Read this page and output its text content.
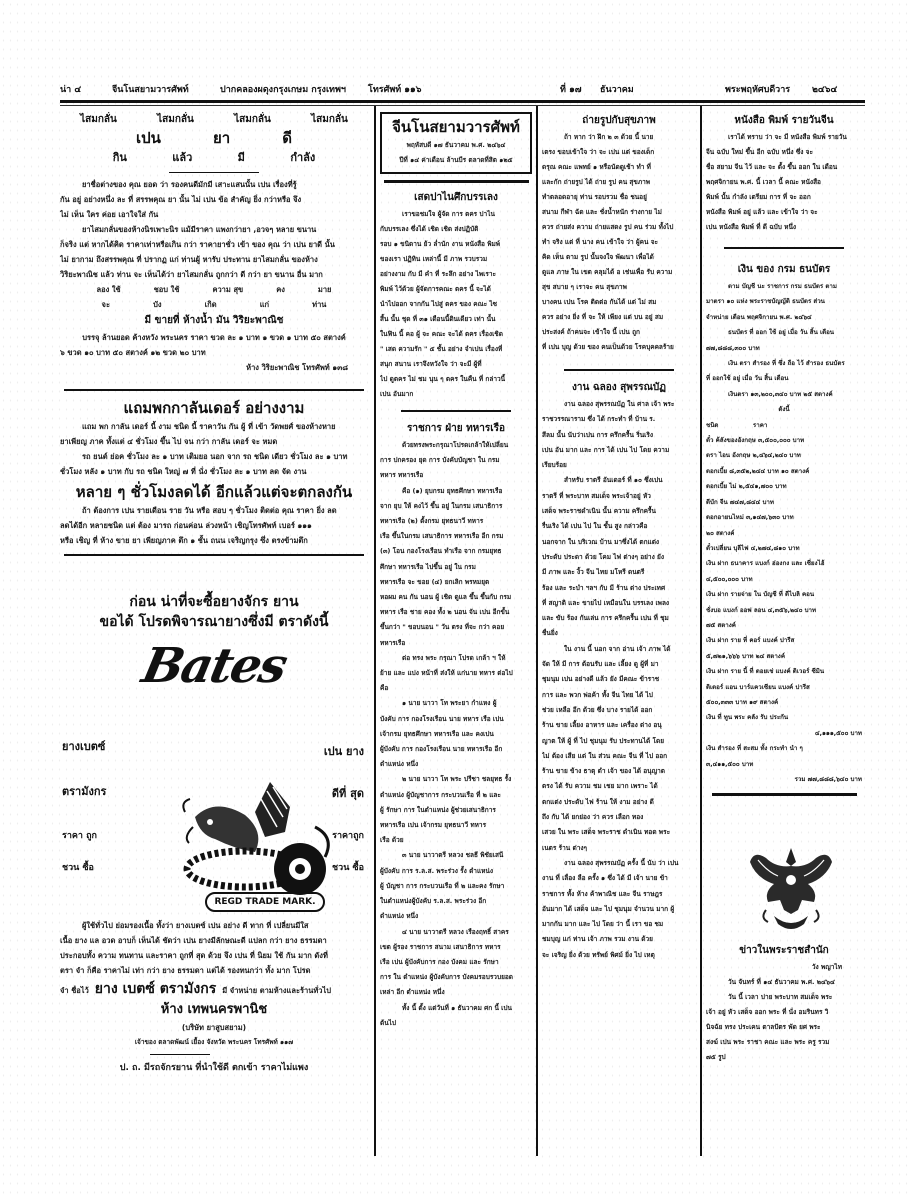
น่า ๔	จีนโนสยามวารศัพท์	ปากคลองผดุงกรุงเกษม กรุงเทพฯ โทรศัพท์ ๑๑๖	ที่ ๑๗ ธันวาคม	พระพฤหัศบดีวาร ๒๔๖๔
ไสมกลั่น	ไสมกลั่น	ไสมกลั่น	ไสมกลั่น
เปน	ยา	ดี
กิน	แล้ว	มี	กำลัง
ยาชื่อต่างของ คุณ ยอด ว่า รองคนดีมักมี เสาะแสนนั้น เปน เรื่องที่รู้
กัน อยู่ อย่างหนึ่ง ละ ที่ สรรพคุณ ยา นั้น ไม่ เปน ข้อ สำคัญ ยิ่ง กว่าหรือ จึง
ไม่ เห็น ใคร ค่อย เอาใจใส่ กัน
ยาไสมกลั่นของห้างนิรเพาะนิร แม้มีราคา แพงกว่ายา ,อวจๆ หลาย ขนาน
ก็จริง แต่ หากได้คิด ราคาเท่าหรือเกิน กว่า ราคายาชั่ว เข้า ของ คุณ ว่า เปน ยาดี นั้น
ไม่ ยากาม ถึงสรรพคุณ ที่ ปรากฏ แก่ ท่านผู้ หารับ ประทาน ยาไสมกลั่น ของห้าง
วิริยะพาณิช แล้ว ท่าน จะ เห็นได้ว่า ยาไสมกลั่น ถูกกว่า ดี กว่า ยา ขนาน อื่น มาก
ลอง ใช้	ชอบ ใช้	ความ สุข	คง	มาย
จะ	บัง	เกิด	แก่	ท่าน
มี ขายที่ ห้างน้ำ มัน วิริยะพาณิช
บรรจุ ล้านยอด ค้างหวัง พระนคร ราคา ขวด ละ ๑ บาท ๑ ขวด ๑ บาท ๕๐ สตางค์
๖ ขวด ๑๐ บาท ๕๐ สตางค์ ๑๒ ขวด ๒๐ บาท
ห้าง วิริยะพาณิช โทรศัพท์ ๑๓๘
แถมพกกาลันเดอร์ อย่างงาม
แถม พก กาลัน เดอร์ นี้ งาม ชนิด นี้ ราคาวัน กัน ผู้ ที่ เข้า วัดพยศ์ ของห้างหาย
ยาเพียญ ภาค ทั้งแต่ ๔ ชั่วโมง ขึ้น ไป จน กว่า กาลัน เดอร์ จะ หมด
รถ ยนต์ ย่อค ชั่วโมง ละ ๑ บาท เติมยอ นอก จาก รถ ชนิด เดียว ชั่วโมง ละ ๑ บาท
ชั่วโมง หลัง ๑ บาท กับ รถ ชนิด ใหญ่ ๗ ที่ นั่ง ชั่วโมง ละ ๑ บาท ลด จัด งาน
หลาย ๆ ชั่วโมงลดได้ อีกแล้วแต่จะตกลงกัน
ถ้า ต้องการ เปน รายเดือน ราย วัน หรือ สอบ ๆ ชั่วโมง ติดต่อ คุณ ราคา ยิ่ง ลด
ลดได้อีก หลายชนิด แต่ ต้อง มารถ ก่อนค่อน ล่วงหน้า เชิญโทรศัพท์ เบอร์ ๑๑๑
หรือ เชิญ ที่ ห้าง ขาย ยา เพียญภาค ตึก ๑ ชั้น ถนน เจริญกรุง ซึ่ง ตรงข้ามตึก
ก่อน น่าที่จะซื้อยางจักร ยาน
ขอได้ โปรดพิจารณายางซึ่งมี ตราดังนี้
Bates
ยางเบตซ์
ตรามังกร
ราคา ถูก
ชวน ซื้อ
เปน ยาง
ดีที่ สุด
ราคาถูก
ชวน ซื้อ
REGD TRADE MARK.
ผู้ใช้ทั่วไป ย่อมรองเนื้อ ทั้งว่า ยางเบตซ์ เปน อย่าง ดี ทาก ที่ เปลี่ยนมีใส
เนื้อ ยาง แล อวด อาบก็ เห็นได้ ชัดว่า เปน ยางมีลักษณะดี แปลก กว่า ยาง ธรรมดา
ประกอบทั้ง ความ ทนทาน และราคา ถูกที่ สุด ด้วย จึง เปน ที่ นิยม ใช้ กัน มาก ดังที่
ตรา จำ ก็คือ ราคาไม่ เท่า กว่า ยาง ธรรมดา แต่ได้ รองทนกว่า ทั้ง มาก โปรด
จำ ชื่อไว้ ยาง เบตซ์ ตรามังกร มี จำหน่าย ตามห้างและร้านทั่วไป
ห้าง เทพนครพานิช
(บริษัท ยาสูบสยาม)
เจ้าของ ตลาดพัฒน์ เยื้อง จังหวัด พระนคร โทรศัพท์ ๑๑๗
ป. ถ. มีรถจักรยาน ที่นำใช้ดี ตกเข้า ราคาไม่แพง
จีนโนสยามวารศัพท์
พฤหัสบดี ๑๗ ธันวาคม พ.ศ. ๒๔๖๔
ปีที่ ๑๔ ค่าเดือน ล้านบีร ตลาดที่สิต ๑๒๕
เสดปาไนศึกบรรเลง
เราขอชมใจ ผู้จัด การ ตคร ปาไน
กับบรรเลง ซึ่งได้ เชิด เชิด ส่งปฏิบัติ
รอบ ๑ ขนิดาน ย้ว ล่ำนัก งาน หนังสือ พิมพ์
ของเรา ปฏิทิน เหล่านี้ มี ภาพ รวบรวม
อย่างงาม กับ มี คำ ที่ ระลึก อย่าง ไพเราะ
พิมพ์ ไว้ด้วย ผู้จัดการคณะ ตคร นี้ จะได้
นำไปออก จากกัน ไปสู่ ตคร ของ คณะ ไซ
สิ้น นั้น ชุด ที่ ๓๑ เดือนนี้ดินเดียว เท่า นั้น
ในฟิน นี้ คอ ผู้ จะ คณะ จะได้ ตคร เรื่องเชิด
" เสด ความรัก " ๕ ชั้น อย่าง จำเปน เรื่องที่
สนุก สนาน เราจึงหวังใจ ว่า จะมี ผู้ที่
ไป ดูตคร ไม่ ชม นุน ๆ ตคร ในคืน ที่ กล่าวนี้
เปน อันมาก
ราชการ ฝ่าย ทหารเรือ
ด้วยทรงพระกรุณาโปรดเกล้าให้เปลี่ยน
การ ปกครอง ยุด การ บังคับบัญชา ใน กรม
ทหาร ทหารเรือ
คือ (๑) ยุบกรม ยุทธศึกษา ทหารเรือ
จาก ยุบ ให้ คงไว้ ขึ้น อยู่ ในกรม เสนาธิการ
ทหารเรือ (๒) ตั้งกรม ยุทธนาวี ทหาร
เรือ ขึ้นในกรม เสนาธิการ ทหารเรือ อีก กรม
(๓) โอน กองโรงเรือน ทำเรือ จาก กรมยุทธ
ศึกษา ทหารเรือ ไปขึ้น อยู่ ใน กรม
ทหารเรือ จะ ขอย (๔) ยกเลิก พรหมยุต
หอผม คน กัน นอน ผู้ เชิด ดูแล ขึ้น ขึ้นกับ กรม
ทหาร เรือ ชาย คอง ทั้ง ๒ นอน จัน เปน อีกขั้น
ขึ้นกว่า " ขอบนอน " วัน ตรง ที่จะ กว่า คอย
ทหารเรือ
ต่อ ทรง พระ กรุณา โปรด เกล้า ฯ ให้
ย้าย และ แบ่ง หน้าที่ ส่งให้ แก่นาย ทหาร ต่อไป
คือ
๑ นาย นาวา โท พระยา กำแหง ผู้
บังคับ การ กองโรงเรือน นาย ทหาร เรือ เปน
เจ้ากรม ยุทธศึกษา ทหารเรือ และ คงเปน
ผู้บังคับ การ กองโรงเรือน นาย ทหารเรือ อีก
ตำแหน่ง หนึ่ง
๒ นาย นาวา โท พระ ปรีชา ชลยุทธ รั้ง
ตำแหน่ง ผู้บัญชาการ กระบวนเรือ ที่ ๒ และ
ผู้ รักษา การ ในตำแหน่ง ผู้ช่วยเสนาธิการ
ทหารเรือ เปน เจ้ากรม ยุทธนาวี ทหาร
เรือ ด้วย
๓ นาย นาวาตรี หลวง ชลธี พิชัยเสนี
ผู้บังคับ การ ร.ล.ส. พระร่วง รั้ง ตำแหน่ง
ผู้ บัญชา การ กระบวนเรือ ที่ ๒ และคง รักษา
ในตำแหน่งผู้บังคับ ร.ล.ส. พระร่วง อีก
ตำแหน่ง หนึ่ง
๔ นาย นาวาตรี หลวง เรืองฤทธิ์ สาคร
เขต ผู้รอง ราชการ สนาม เสนาธิการ ทหาร
เรือ เปน ผู้บังคับการ กอง บังคม และ รักษา
การ ใน ตำแหน่ง ผู้บังคับการ บังคมรอบรวบยอด
เหล่า อีก ตำแหน่ง หนึ่ง
ทั้ง นี้ ตั้ง แต่วันที่ ๑ ธันวาคม ศก นี้ เปน
ต้นไป
ถ่ายรูปกับสุขภาพ
ถ้า หาก ว่า ฝึก ๒ ๓ ด้วย นี้ นาย
เตรง ขอบเข้าใจ ว่า จะ เปน แต่ ของเด็ก
ดรุณ คณะ แพทย์ ๑ หรือนัดดูเช้า ทำ ที่
และกัก ถ่ายรูป ได้ ถ่าย รูป คน สุขภาพ
ทำตลอดอายุ ท่าน รอบรวม ชื่อ ชนอยู่
สนาม กีฬา ฉัด และ ชั่งน้ำหนัก ร่างกาย ไม่
ควร ถ่ายส่ง ความ ถ่ายแสดง รูป คน ร่วม ทั้งไป
ทำ จริง แต่ ที่ นาง คน เข้าใจ ว่า ผู้คน จะ
คิด เห็น ตาม รูป นั้นจงใจ พัฒนา เพื่อได้
ดูแล ภาษ ใน เขต คลุมได้ อ เช่นเพื่อ รับ ความ
สุข สบาย ๆ เราจะ คน สุขภาพ
บางคน เปน โรค ติดต่อ กันได้ แต่ ไม่ สม
ควร อย่าง ยิ่ง ที่ จะ ให้ เพียง แต่ บน อยู่ สม
ประสงค์ ถ้าคนจะ เข้าใจ นี้ เปน ถูก
ที่ เปน บุญ ด้วย ของ คนเป็นด้วย โรคบุคคลร้าย
งาน ฉลอง สุพรรณบัฏ
งาน ฉลอง สุพรรณบัฏ ใน ศาล เจ้า พระ
ราชวรรณาราม ซึ่ง ได้ กระทำ ที่ บ้าน ร.
สีลม นั้น นับว่าเปน การ ครึกครื้น ริ่นเริง
เปน อัน มาก และ การ ได้ เปน ไป โดย ความ
เรียบร้อย
สำหรับ ราตรี อันเดอร์ ที่ ๑๐ ซึ่งเปน
ราตรี ที่ พระบาท สมเด็จ พระเจ้าอยู่ หัว
เสด็จ พระราชดำเนิน นั้น ความ ครึกครื้น
รื่นเริง ได้ เปน ไป ใน ชั้น สูง กล่าวคือ
นอกจาก ใน บริเวณ บ้าน มาซึ่งได้ ตกแต่ง
ประดับ ประดา ด้วย โคม ไฟ ต่างๆ อย่าง ยัง
มี ภาพ และ งิ้ว จีน ไทย มโหรี ดนตรี
ร้อง และ ระบำ ฯลฯ กับ มี ร้าน ต่าง ประเทศ
ที่ สญาติ และ ขายไป เหมือนใน บรรเลง เพลง
และ ขับ ร้อง กันเล่น การ ครึกครื้น เปน ที่ ชุม
ชื่นยิ่ง
ใน งาน นี้ นอก จาก อ่าน เจ้า ภาพ ได้
จัด ให้ มี การ ต้อนรับ และ เลี้ยง ดู ผู้ที่ มา
ชุมนุม เปน อย่างดี แล้ว ยัง มีคณะ ข้าราช
การ และ พวก พ่อค้า ทั้ง จีน ไทย ได้ ไป
ช่วย เหลือ อีก ด้วย ซึ่ง บาง รายได้ ออก
ร้าน ขาย เลี้ยง อาหาร และ เครื่อง ต่าง อนุ
ญาต ให้ ผู้ ที่ ไป ชุมนุม รับ ประทานได้ โดย
ไม่ ต้อง เสีย แต่ ใน ส่วน คณะ จีน ที่ ไป ออก
ร้าน ขาย ข้าง ธาตุ ตำ เจ้า ของ ได้ อนุญาต
ตรง ได้ รับ ความ ชม เชย มาก เพราะ ได้
ตกแต่ง ประดับ ไฟ ร้าน ให้ งาม อย่าง ดี
ถึง กับ ได้ ยกย่อง ว่า ควร เลือก ทอง
เสวย ใน พระ เสด็จ พระราช ดำเนิน ทอด พระ
เนตร ร้าน ต่างๆ
งาน ฉลอง สุพรรณบัฏ ครั้ง นี้ นับ ว่า เปน
งาน ที่ เลื่อง ลือ ครั้ง ๑ ซึ่ง ได้ มี เจ้า นาย ข้า
ราชการ ทั้ง ห้าง ค้าพาณิช และ จีน ราษฎร
อันมาก ได้ เสด็จ และ ไป ชุมนุม จำนวน มาก ผู้
มากกัน มาก และ ไป โดย ว่า นี้ เรา ขอ ชม
ชมบุญ แก่ ท่าน เจ้า ภาพ รวม งาน ด้วย
จะ เจริญ ยิ่ง ด้วย ทรัพย์ พิศม์ ยิ่ง ไป เหตุ
หนังสือ พิมพ์ รายวันจีน
เราได้ ทราบ ว่า จะ มี หนังสือ พิมพ์ รายวัน
จีน ฉบับ ใหม่ ขึ้น อีก ฉบับ หนึ่ง ซึ่ง จะ
ชื่อ สยาม จีน ไว้ และ จะ ตั้ง ขึ้น ออก ใน เดือน
พฤศจิกายน พ.ศ. นี้ เวลา นี้ คณะ หนังสือ
พิมพ์ นั้น กำลัง เตรียม การ ที่ จะ ออก
หนังสือ พิมพ์ อยู่ แล้ว และ เข้าใจ ว่า จะ
เปน หนังสือ พิมพ์ ที่ ดี ฉบับ หนึ่ง
เงิน ของ กรม ธนบัตร
ตาม บัญชี นะ ราชการ กรม ธนบัตร ตาม
มาตรา ๑๐ แห่ง พระราชบัญญัติ ธนบัตร ส่วน
จำหน่าย เดือน พฤศจิกายน พ.ศ. ๒๔๖๔
ธนบัตร ที่ ออก ใช้ อยู่ เมื่อ วัน สิ้น เดือน
๗๗,๘๘๘,๓๐๐ บาท
เงิน ตรา สำรอง ที่ ซึ่ง ถือ ไว้ สำรอง ธนบัตร
ที่ ออกใช้ อยู่ เมื่อ วัน สิ้น เดือน
เงินตรา ๑๓,๒๐๐,๓๔๐ บาท ๒๕ สตางค์
ดังนี้
ชนิด                ราคา
ตั๋ว ค้ลังของอังกฤษ ๓,๕๐๐,๐๐๐ บาท
ตรา ไอน อังกฤษ ๒,๔๖๔,๒๔๐ บาท
ดอกเบี้ย ๘,๓๕๒,๒๔๔ บาท ๑๐ สตางค์
ดอกเบี้ย ไม่ ๒,๕๔๑,๗๐๐ บาท
ดีบัก จีน ๗๔๗,๘๔๔ บาท
ดอกอายนไหม่ ๓,๑๔๗,๖๓๐ บาท
๒๐ สตางค์
ตั๋วเปลี่ยน บุลีไฟ ๔,๒๗๔,๘๑๐ บาท
เงิน ฝาก ธนาคาร แบงก์ ฮ่องกง และ เซี่ยงไฮ้
๔,๕๐๐,๐๐๐ บาท
เงิน ฝาก รายจ่าย ใน บัญชี ที่ ดีไบลิ คอน
ชั่งบอ แบงก์ ออฟ ลอน ๔,๓๕๖,๒๔๐ บาท
๗๕ สตางค์
เงิน ฝาก ราย ที่ คอร์ แบงค์ ปารีส
๕,๗๒๑,๖๖๖ บาท ๒๔ สตางค์
เงิน ฝาก ราย นี้ ที่ ดอยเช่ แบงค์ ดิเวอร์ ซีมิน
ดิเดอร์ แอน บาร์แควเซียน แบงค์ ปารีส
๕๐๐,๓๓๓ บาท ๑๙ สตางค์
เงิน ที่ ทูน พระ คลัง รับ ประกัน
๔,๑๑๑,๕๐๐ บาท
เงิน สำรอง ที่ สะสม ทั้ง กระทำ นำ ๆ
๓,๔๑๑,๕๐๐ บาท
รวม ๗๗,๘๘๘,๖๔๐ บาท
ข่าวในพระราชสำนัก
วัง พญาไท
วัน จันทร์ ที่ ๑๔ ธันวาคม พ.ศ. ๒๔๖๔
วัน นี้ เวลา บ่าย พระบาท สมเด็จ พระ
เจ้า อยู่ หัว เสด็จ ออก พระ ที่ นั่ง อมรินทร วิ
นิจฉัย ทรง ประเคน ตาลปัตร พัด ยศ พระ
สงฆ์ เปน พระ ราชา คณะ และ พระ ครู รวม
๗๕ รูป
